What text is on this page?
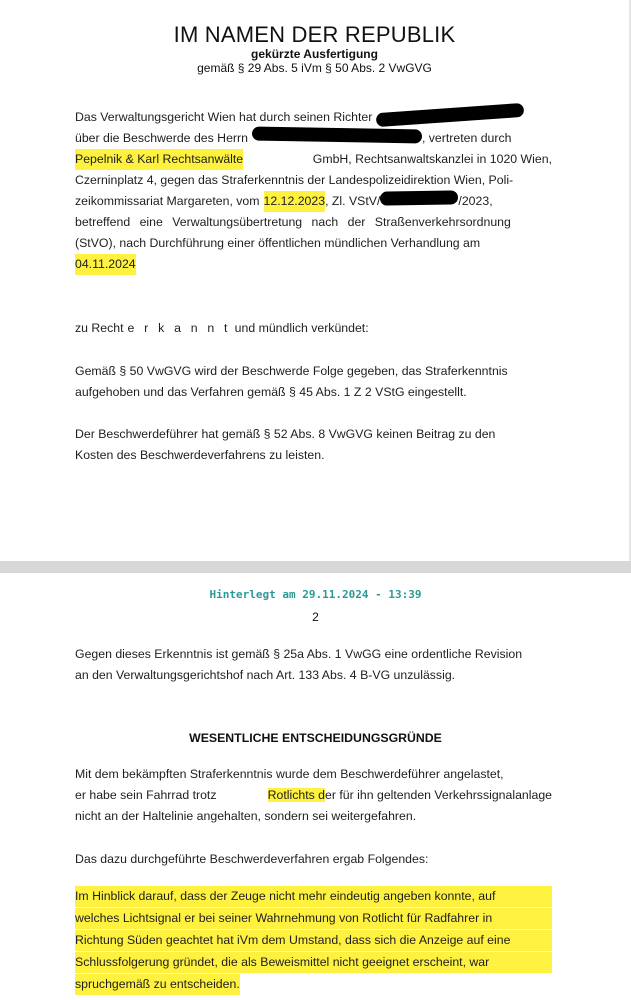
IM NAMEN DER REPUBLIK
gekürzte Ausfertigung
gemäß § 29 Abs. 5 iVm § 50 Abs. 2 VwGVG
Das Verwaltungsgericht Wien hat durch seinen Richter
über die Beschwerde des Herrn	, vertreten durch
Pepelnik & Karl Rechtsanwälte	GmbH, Rechtsanwaltskanzlei in 1020 Wien,
Czerninplatz 4, gegen das Straferkenntnis der Landespolizeidirektion Wien, Poli-
zeikommissariat Margareten, vom 12.12.2023 , Zl. VStV/	/2023,
betreffend eine Verwaltungsübertretung nach der Straßenverkehrsordnung
(StVO), nach Durchführung einer öffentlichen mündlichen Verhandlung am
04.11.2024
zu Recht e r k a n n t und mündlich verkündet:
Gemäß § 50 VwGVG wird der Beschwerde Folge gegeben, das Straferkenntnis
aufgehoben und das Verfahren gemäß § 45 Abs. 1 Z 2 VStG eingestellt.
Der Beschwerdeführer hat gemäß § 52 Abs. 8 VwGVG keinen Beitrag zu den
Kosten des Beschwerdeverfahrens zu leisten.
Hinterlegt am 29.11.2024 - 13:39
2
Gegen dieses Erkenntnis ist gemäß § 25a Abs. 1 VwGG eine ordentliche Revision
an den Verwaltungsgerichtshof nach Art. 133 Abs. 4 B-VG unzulässig.
WESENTLICHE ENTSCHEIDUNGSGRÜNDE
Mit dem bekämpften Straferkenntnis wurde dem Beschwerdeführer angelastet,
er habe sein Fahrrad trotz	Rotlichts der für ihn geltenden Verkehrssignalanlage
nicht an der Haltelinie angehalten, sondern sei weitergefahren.
Das dazu durchgeführte Beschwerdeverfahren ergab Folgendes:
Im Hinblick darauf, dass der Zeuge nicht mehr eindeutig angeben konnte, auf
welches Lichtsignal er bei seiner Wahrnehmung von Rotlicht für Radfahrer in
Richtung Süden geachtet hat iVm dem Umstand, dass sich die Anzeige auf eine
Schlussfolgerung gründet, die als Beweismittel nicht geeignet erscheint, war
spruchgemäß zu entscheiden.
